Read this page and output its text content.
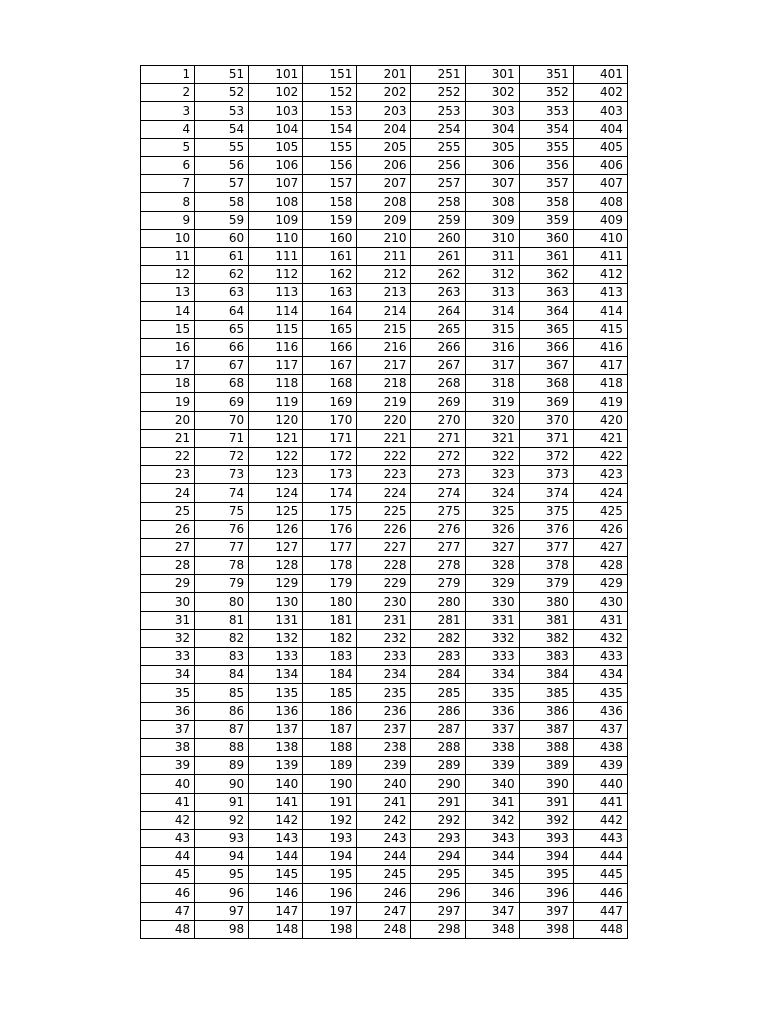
1	51	101	151	201	251	301	351	401
2	52	102	152	202	252	302	352	402
3	53	103	153	203	253	303	353	403
4	54	104	154	204	254	304	354	404
5	55	105	155	205	255	305	355	405
6	56	106	156	206	256	306	356	406
7	57	107	157	207	257	307	357	407
8	58	108	158	208	258	308	358	408
9	59	109	159	209	259	309	359	409
10	60	110	160	210	260	310	360	410
11	61	111	161	211	261	311	361	411
12	62	112	162	212	262	312	362	412
13	63	113	163	213	263	313	363	413
14	64	114	164	214	264	314	364	414
15	65	115	165	215	265	315	365	415
16	66	116	166	216	266	316	366	416
17	67	117	167	217	267	317	367	417
18	68	118	168	218	268	318	368	418
19	69	119	169	219	269	319	369	419
20	70	120	170	220	270	320	370	420
21	71	121	171	221	271	321	371	421
22	72	122	172	222	272	322	372	422
23	73	123	173	223	273	323	373	423
24	74	124	174	224	274	324	374	424
25	75	125	175	225	275	325	375	425
26	76	126	176	226	276	326	376	426
27	77	127	177	227	277	327	377	427
28	78	128	178	228	278	328	378	428
29	79	129	179	229	279	329	379	429
30	80	130	180	230	280	330	380	430
31	81	131	181	231	281	331	381	431
32	82	132	182	232	282	332	382	432
33	83	133	183	233	283	333	383	433
34	84	134	184	234	284	334	384	434
35	85	135	185	235	285	335	385	435
36	86	136	186	236	286	336	386	436
37	87	137	187	237	287	337	387	437
38	88	138	188	238	288	338	388	438
39	89	139	189	239	289	339	389	439
40	90	140	190	240	290	340	390	440
41	91	141	191	241	291	341	391	441
42	92	142	192	242	292	342	392	442
43	93	143	193	243	293	343	393	443
44	94	144	194	244	294	344	394	444
45	95	145	195	245	295	345	395	445
46	96	146	196	246	296	346	396	446
47	97	147	197	247	297	347	397	447
48	98	148	198	248	298	348	398	448
